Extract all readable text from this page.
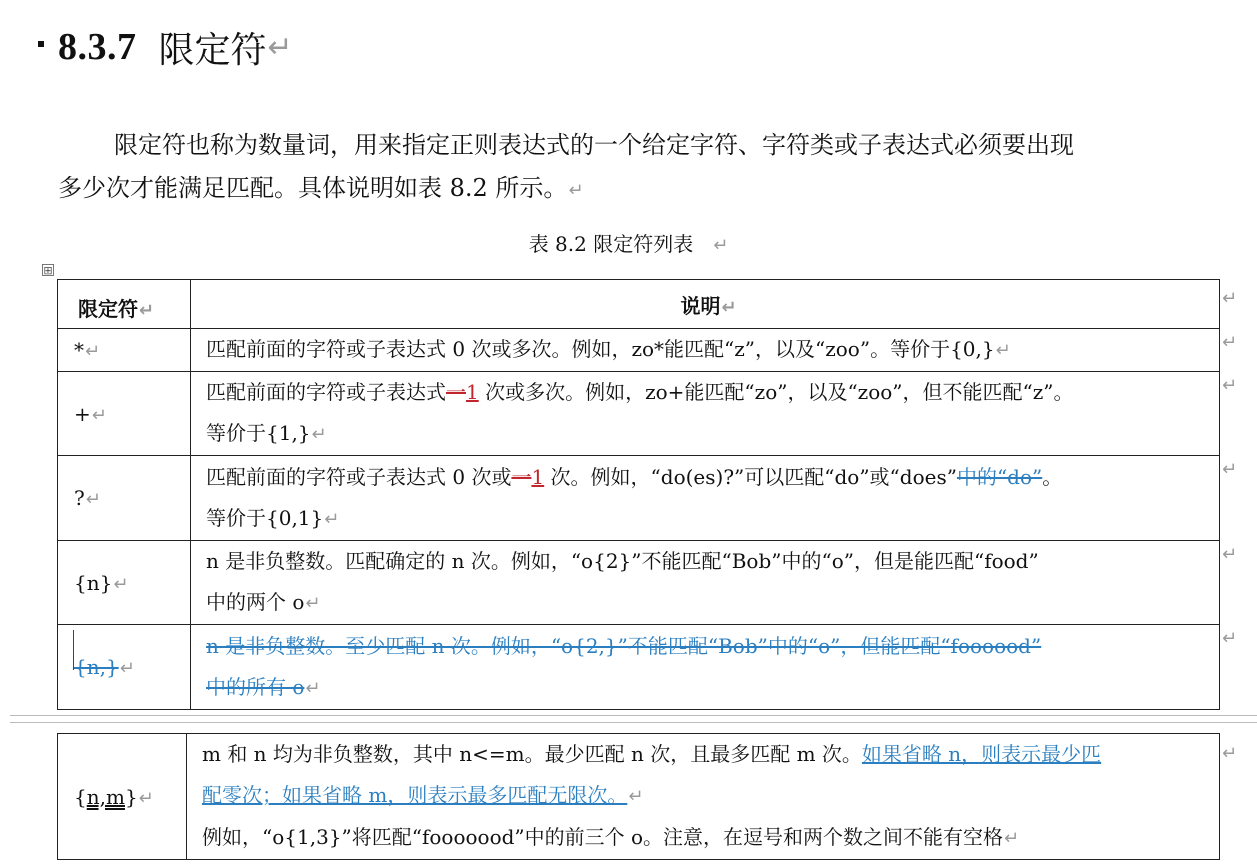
8.3.7 限定符 ↵
限定符也称为数量词，用来指定正则表达式的一个给定字符、字符类或子表达式必须要出现
多少次才能满足匹配。具体说明如表 8.2 所示。↵
表 8.2 限定符列表 ↵
⊞
限定符↵	说明↵
*↵	匹配前面的字符或子表达式 0 次或多次。例如，zo*能匹配“z”，以及“zoo”。等价于{0,}↵
+↵	匹配前面的字符或子表达式一1 次或多次。例如，zo+能匹配“zo”，以及“zoo”，但不能匹配“z”。
等价于{1,}↵
?↵	匹配前面的字符或子表达式 0 次或一1 次。例如，“do(es)?”可以匹配“do”或“does”中的“do”。
等价于{0,1}↵
{n}↵	n 是非负整数。匹配确定的 n 次。例如，“o{2}”不能匹配“Bob”中的“o”，但是能匹配“food”
中的两个 o↵
{n,}↵	n 是非负整数。至少匹配 n 次。例如，“o{2,}”不能匹配“Bob”中的“o”，但能匹配“foooood”
中的所有 o↵
{n,m}↵	m 和 n 均为非负整数，其中 n<=m。最少匹配 n 次，且最多匹配 m 次。如果省略 n，则表示最少匹
配零次；如果省略 m，则表示最多匹配无限次。↵
例如，“o{1,3}”将匹配“fooooood”中的前三个 o。注意，在逗号和两个数之间不能有空格↵
↵
↵
↵
↵
↵
↵
↵
